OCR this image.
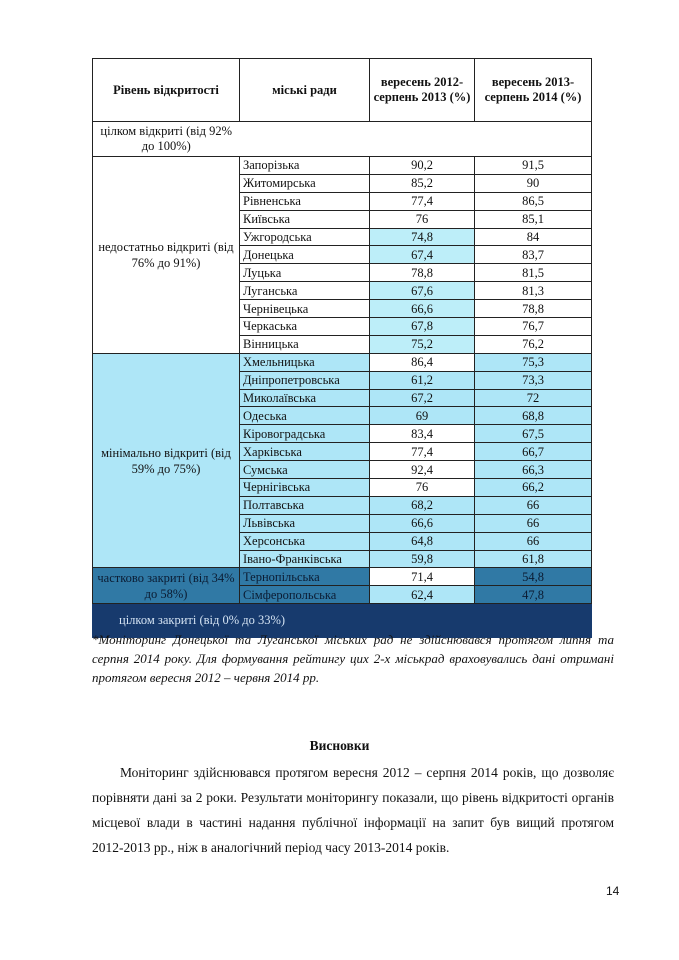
Рівень відкритості	міські ради	вересень 2012-серпень 2013 (%)	вересень 2013-серпень 2014 (%)
цілком відкриті (від 92% до 100%)			
недостатньо відкриті (від 76% до 91%)	Запорізька	90,2	91,5
	Житомирська	85,2	90
	Рівненська	77,4	86,5
	Київська	76	85,1
	Ужгородська	74,8	84
	Донецька	67,4	83,7
	Луцька	78,8	81,5
	Луганська	67,6	81,3
	Чернівецька	66,6	78,8
	Черкаська	67,8	76,7
	Вінницька	75,2	76,2
мінімально відкриті (від 59% до 75%)	Хмельницька	86,4	75,3
	Дніпропетровська	61,2	73,3
	Миколаївська	67,2	72
	Одеська	69	68,8
	Кіровоградська	83,4	67,5
	Харківська	77,4	66,7
	Сумська	92,4	66,3
	Чернігівська	76	66,2
	Полтавська	68,2	66
	Львівська	66,6	66
	Херсонська	64,8	66
	Івано-Франківська	59,8	61,8
частково закриті (від 34% до 58%)	Тернопільська	71,4	54,8
	Сімферопольська	62,4	47,8
цілком закриті (від 0% до 33%)			
*Моніторинг Донецької та Луганської міських рад не здійснювався протягом липня та серпня 2014 року. Для формування рейтингу цих 2-х міськрад враховувались дані отримані протягом вересня 2012 – червня 2014 рр.
Висновки
Моніторинг здійснювався протягом вересня 2012 – серпня 2014 років, що дозволяє порівняти дані за 2 роки. Результати моніторингу показали, що рівень відкритості органів місцевої влади в частині надання публічної інформації на запит був вищий протягом 2012-2013 рр., ніж в аналогічний період часу 2013-2014 років.
14
